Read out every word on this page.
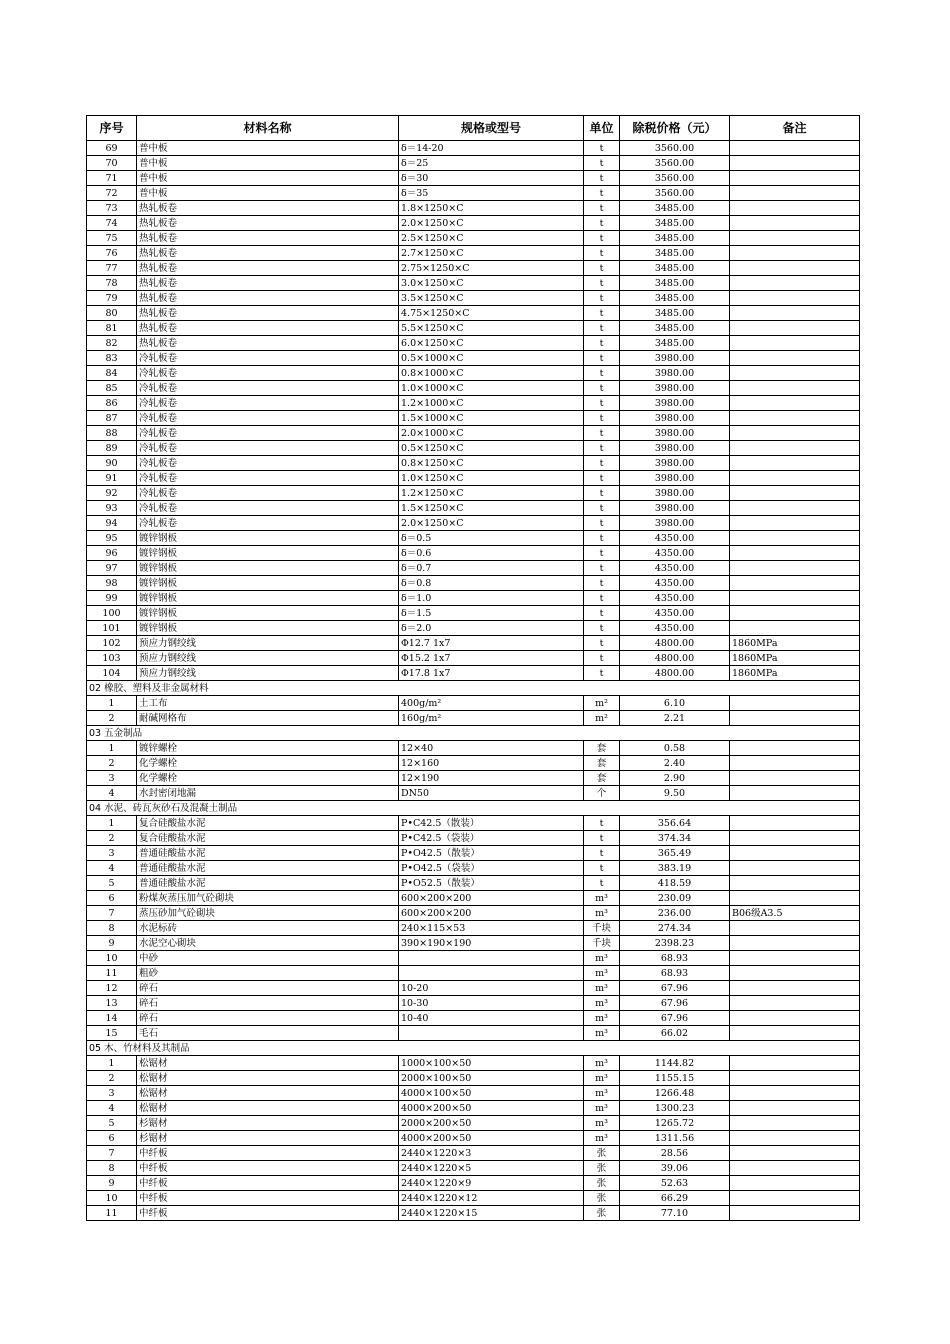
序号	材料名称	规格或型号	单位	除税价格（元）	备注
69	普中板	δ＝14-20	t	3560.00	
70	普中板	δ＝25	t	3560.00	
71	普中板	δ＝30	t	3560.00	
72	普中板	δ＝35	t	3560.00	
73	热轧板卷	1.8×1250×C	t	3485.00	
74	热轧板卷	2.0×1250×C	t	3485.00	
75	热轧板卷	2.5×1250×C	t	3485.00	
76	热轧板卷	2.7×1250×C	t	3485.00	
77	热轧板卷	2.75×1250×C	t	3485.00	
78	热轧板卷	3.0×1250×C	t	3485.00	
79	热轧板卷	3.5×1250×C	t	3485.00	
80	热轧板卷	4.75×1250×C	t	3485.00	
81	热轧板卷	5.5×1250×C	t	3485.00	
82	热轧板卷	6.0×1250×C	t	3485.00	
83	冷轧板卷	0.5×1000×C	t	3980.00	
84	冷轧板卷	0.8×1000×C	t	3980.00	
85	冷轧板卷	1.0×1000×C	t	3980.00	
86	冷轧板卷	1.2×1000×C	t	3980.00	
87	冷轧板卷	1.5×1000×C	t	3980.00	
88	冷轧板卷	2.0×1000×C	t	3980.00	
89	冷轧板卷	0.5×1250×C	t	3980.00	
90	冷轧板卷	0.8×1250×C	t	3980.00	
91	冷轧板卷	1.0×1250×C	t	3980.00	
92	冷轧板卷	1.2×1250×C	t	3980.00	
93	冷轧板卷	1.5×1250×C	t	3980.00	
94	冷轧板卷	2.0×1250×C	t	3980.00	
95	镀锌钢板	δ＝0.5	t	4350.00	
96	镀锌钢板	δ＝0.6	t	4350.00	
97	镀锌钢板	δ＝0.7	t	4350.00	
98	镀锌钢板	δ＝0.8	t	4350.00	
99	镀锌钢板	δ＝1.0	t	4350.00	
100	镀锌钢板	δ＝1.5	t	4350.00	
101	镀锌钢板	δ＝2.0	t	4350.00	
102	预应力钢绞线	Φ12.7 1x7	t	4800.00	1860MPa
103	预应力钢绞线	Φ15.2 1x7	t	4800.00	1860MPa
104	预应力钢绞线	Φ17.8 1x7	t	4800.00	1860MPa
02 橡胶、塑料及非金属材料					
1	土工布	400g/m²	m²	6.10	
2	耐碱网格布	160g/m²	m²	2.21	
03 五金制品					
1	镀锌螺栓	12×40	套	0.58	
2	化学螺栓	12×160	套	2.40	
3	化学螺栓	12×190	套	2.90	
4	水封密闭地漏	DN50	个	9.50	
04 水泥、砖瓦灰砂石及混凝土制品					
1	复合硅酸盐水泥	P•C42.5（散装）	t	356.64	
2	复合硅酸盐水泥	P•C42.5（袋装）	t	374.34	
3	普通硅酸盐水泥	P•O42.5（散装）	t	365.49	
4	普通硅酸盐水泥	P•O42.5（袋装）	t	383.19	
5	普通硅酸盐水泥	P•O52.5（散装）	t	418.59	
6	粉煤灰蒸压加气砼砌块	600×200×200	m³	230.09	
7	蒸压砂加气砼砌块	600×200×200	m³	236.00	B06级A3.5
8	水泥标砖	240×115×53	千块	274.34	
9	水泥空心砌块	390×190×190	千块	2398.23	
10	中砂		m³	68.93	
11	粗砂		m³	68.93	
12	碎石	10-20	m³	67.96	
13	碎石	10-30	m³	67.96	
14	碎石	10-40	m³	67.96	
15	毛石		m³	66.02	
05 木、竹材料及其制品					
1	松锯材	1000×100×50	m³	1144.82	
2	松锯材	2000×100×50	m³	1155.15	
3	松锯材	4000×100×50	m³	1266.48	
4	松锯材	4000×200×50	m³	1300.23	
5	杉锯材	2000×200×50	m³	1265.72	
6	杉锯材	4000×200×50	m³	1311.56	
7	中纤板	2440×1220×3	张	28.56	
8	中纤板	2440×1220×5	张	39.06	
9	中纤板	2440×1220×9	张	52.63	
10	中纤板	2440×1220×12	张	66.29	
11	中纤板	2440×1220×15	张	77.10	
